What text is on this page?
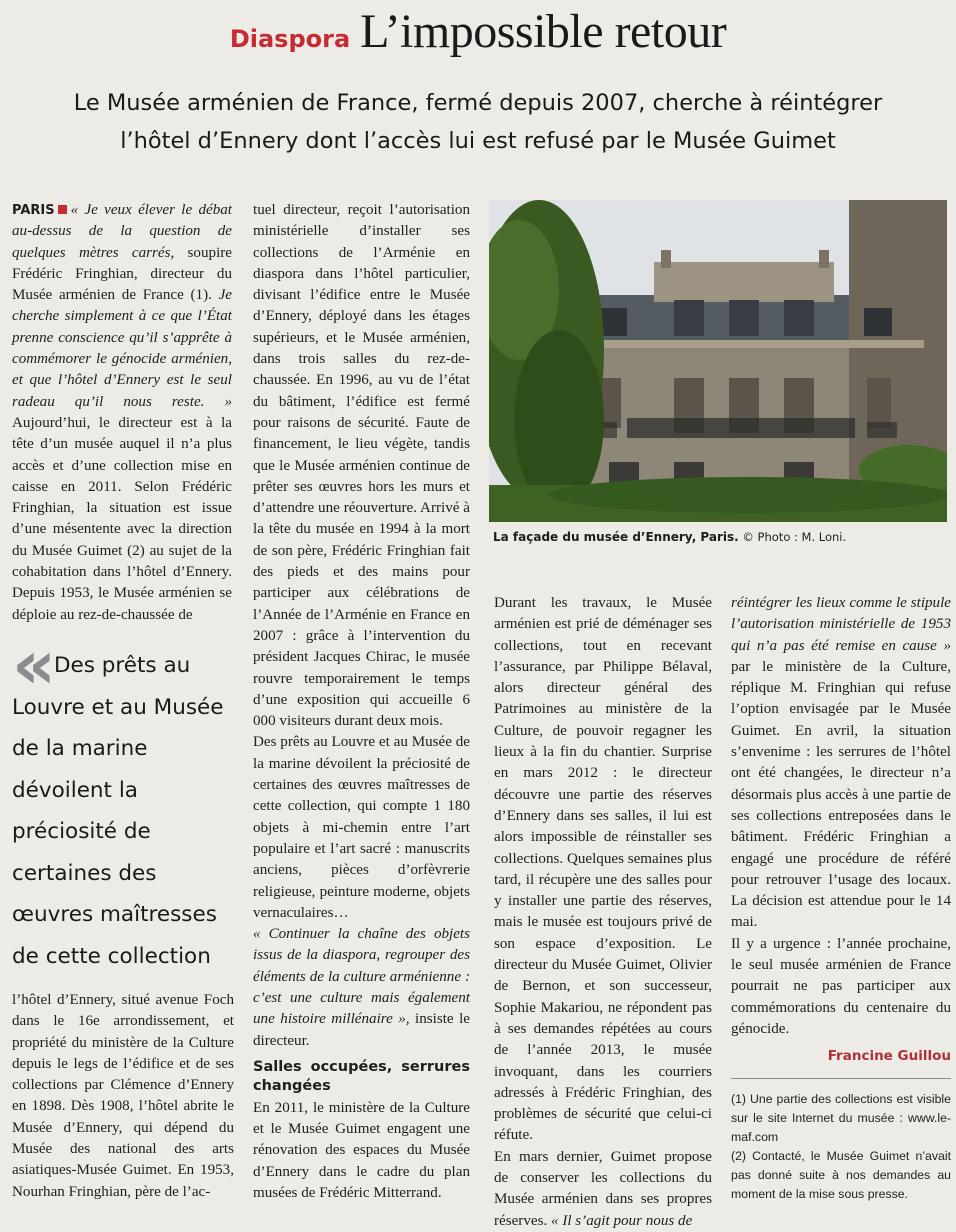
Diaspora L’impossible retour
Le Musée arménien de France, fermé depuis 2007, cherche à réintégrer
l’hôtel d’Ennery dont l’accès lui est refusé par le Musée Guimet

PARIS « Je veux élever le débat au-dessus de la question de quelques mètres carrés, soupire Frédéric Fringhian, directeur du Musée arménien de France (1). Je cherche simplement à ce que l’État prenne conscience qu’il s’apprête à commémorer le génocide arménien, et que l’hôtel d’Ennery est le seul radeau qu’il nous reste. » Aujourd’hui, le directeur est à la tête d’un musée auquel il n’a plus accès et d’une collection mise en caisse en 2011. Selon Frédéric Fringhian, la situation est issue d’une mésentente avec la direction du Musée Guimet (2) au sujet de la cohabitation dans l’hôtel d’Ennery. Depuis 1953, le Musée arménien se déploie au rez-de-chaussée de

« Des prêts au Louvre et au Musée de la marine dévoilent la préciosité de certaines des œuvres maîtresses de cette collection

l’hôtel d’Ennery, situé avenue Foch dans le 16e arrondissement, et propriété du ministère de la Culture depuis le legs de l’édifice et de ses collections par Clémence d’Ennery en 1898. Dès 1908, l’hôtel abrite le Musée d’Ennery, qui dépend du Musée des national des arts asiatiques-Musée Guimet. En 1953, Nourhan Fringhian, père de l’ac-

tuel directeur, reçoit l’autorisation ministérielle d’installer ses collections de l’Arménie en diaspora dans l’hôtel particulier, divisant l’édifice entre le Musée d’Ennery, déployé dans les étages supérieurs, et le Musée arménien, dans trois salles du rez-de-chaussée. En 1996, au vu de l’état du bâtiment, l’édifice est fermé pour raisons de sécurité. Faute de financement, le lieu végète, tandis que le Musée arménien continue de prêter ses œuvres hors les murs et d’attendre une réouverture. Arrivé à la tête du musée en 1994 à la mort de son père, Frédéric Fringhian fait des pieds et des mains pour participer aux célébrations de l’Année de l’Arménie en France en 2007 : grâce à l’intervention du président Jacques Chirac, le musée rouvre temporairement le temps d’une exposition qui accueille 6 000 visiteurs durant deux mois.

Des prêts au Louvre et au Musée de la marine dévoilent la préciosité de certaines des œuvres maîtresses de cette collection, qui compte 1 180 objets à mi-chemin entre l’art populaire et l’art sacré : manuscrits anciens, pièces d’orfèvrerie religieuse, peinture moderne, objets vernaculaires…

« Continuer la chaîne des objets issus de la diaspora, regrouper des éléments de la culture arménienne : c’est une culture mais également une histoire millénaire », insiste le directeur.

Salles occupées, serrures changées

En 2011, le ministère de la Culture et le Musée Guimet engagent une rénovation des espaces du Musée d’Ennery dans le cadre du plan musées de Frédéric Mitterrand.

La façade du musée d’Ennery, Paris. © Photo : M. Loni.

Durant les travaux, le Musée arménien est prié de déménager ses collections, tout en recevant l’assurance, par Philippe Bélaval, alors directeur général des Patrimoines au ministère de la Culture, de pouvoir regagner les lieux à la fin du chantier. Surprise en mars 2012 : le directeur découvre une partie des réserves d’Ennery dans ses salles, il lui est alors impossible de réinstaller ses collections. Quelques semaines plus tard, il récupère une des salles pour y installer une partie des réserves, mais le musée est toujours privé de son espace d’exposition. Le directeur du Musée Guimet, Olivier de Bernon, et son successeur, Sophie Makariou, ne répondent pas à ses demandes répétées au cours de l’année 2013, le musée invoquant, dans les courriers adressés à Frédéric Fringhian, des problèmes de sécurité que celui-ci réfute.

En mars dernier, Guimet propose de conserver les collections du Musée arménien dans ses propres réserves. « Il s’agit pour nous de

réintégrer les lieux comme le stipule l’autorisation ministérielle de 1953 qui n’a pas été remise en cause » par le ministère de la Culture, réplique M. Fringhian qui refuse l’option envisagée par le Musée Guimet. En avril, la situation s’envenime : les serrures de l’hôtel ont été changées, le directeur n’a désormais plus accès à une partie de ses collections entreposées dans le bâtiment. Frédéric Fringhian a engagé une procédure de référé pour retrouver l’usage des locaux. La décision est attendue pour le 14 mai.

Il y a urgence : l’année prochaine, le seul musée arménien de France pourrait ne pas participer aux commémorations du centenaire du génocide.

Francine Guillou

(1) Une partie des collections est visible sur le site Internet du musée : www.le-maf.com

(2) Contacté, le Musée Guimet n’avait pas donné suite à nos demandes au moment de la mise sous presse.
